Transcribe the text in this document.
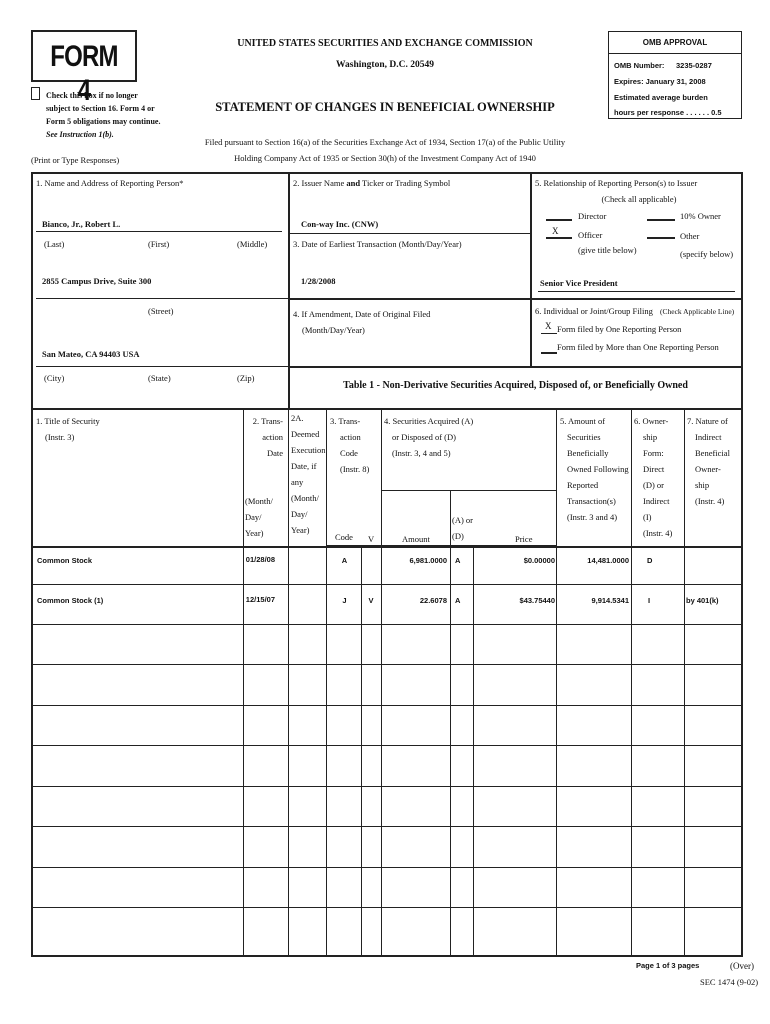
FORM 4
Check this box if no longer
subject to Section 16. Form 4 or
Form 5 obligations may continue.
See Instruction 1(b).
(Print or Type Responses)
UNITED STATES SECURITIES AND EXCHANGE COMMISSION
Washington, D.C. 20549
STATEMENT OF CHANGES IN BENEFICIAL OWNERSHIP
Filed pursuant to Section 16(a) of the Securities Exchange Act of 1934, Section 17(a) of the Public Utility
Holding Company Act of 1935 or Section 30(h) of the Investment Company Act of 1940
OMB APPROVAL
OMB Number: 3235-0287
Expires: January 31, 2008
Estimated average burden
hours per response . . . . . . 0.5
1. Name and Address of Reporting Person*
Bianco, Jr., Robert L.
(Last)	(First)	(Middle)
2855 Campus Drive, Suite 300
(Street)
San Mateo, CA 94403 USA
(City)	(State)	(Zip)
2. Issuer Name and Ticker or Trading Symbol
Con-way Inc. (CNW)
3. Date of Earliest Transaction (Month/Day/Year)
1/28/2008
4. If Amendment, Date of Original Filed
(Month/Day/Year)
5. Relationship of Reporting Person(s) to Issuer
(Check all applicable)
Director	10% Owner
X Officer
(give title below)
Other
(specify below)
Senior Vice President
6. Individual or Joint/Group Filing (Check Applicable Line)
X Form filed by One Reporting Person
Form filed by More than One Reporting Person
Table 1 - Non-Derivative Securities Acquired, Disposed of, or Beneficially Owned
1. Title of Security
(Instr. 3)
2. Trans-
action
Date
(Month/
Day/
Year)
2A.
Deemed
Execution
Date, if
any
(Month/
Day/
Year)
3. Trans-
action
Code
(Instr. 8)
Code V
4. Securities Acquired (A)
or Disposed of (D)
(Instr. 3, 4 and 5)
Amount
(A) or
(D)	Price
5. Amount of
Securities
Beneficially
Owned Following
Reported
Transaction(s)
(Instr. 3 and 4)
6. Owner-
ship
Form:
Direct
(D) or
Indirect
(I)
(Instr. 4)
7. Nature of
Indirect
Beneficial
Owner-
ship
(Instr. 4)
Common Stock	01/28/08	A	6,981.0000 A	$0.00000	14,481.0000 D
Common Stock (1)	12/15/07	J	V	22.6078 A	$43.75440	9,914.5341	I	by 401(k)
Page 1 of 3 pages	(Over)
SEC 1474 (9-02)
